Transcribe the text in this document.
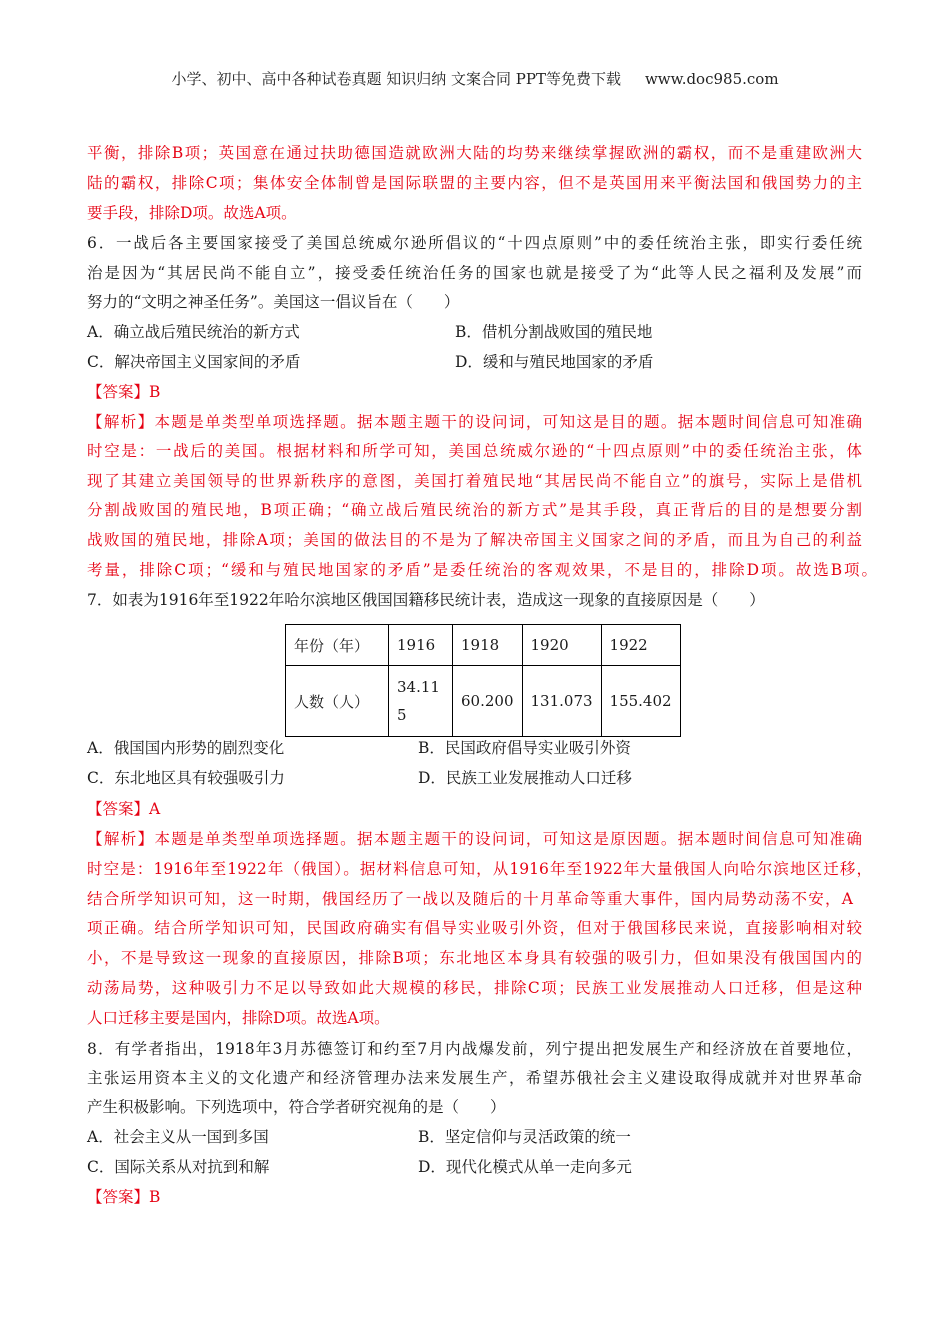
小学、初中、高中各种试卷真题 知识归纳 文案合同 PPT等免费下载 www.doc985.com
平衡，排除B项；英国意在通过扶助德国造就欧洲大陆的均势来继续掌握欧洲的霸权，而不是重建欧洲大
陆的霸权，排除C项；集体安全体制曾是国际联盟的主要内容，但不是英国用来平衡法国和俄国势力的主
要手段，排除D项。故选A项。
6．一战后各主要国家接受了美国总统威尔逊所倡议的“十四点原则”中的委任统治主张，即实行委任统
治是因为“其居民尚不能自立”，接受委任统治任务的国家也就是接受了为“此等人民之福利及发展”而
努力的“文明之神圣任务”。美国这一倡议旨在（　　）
A．确立战后殖民统治的新方式	B．借机分割战败国的殖民地
C．解决帝国主义国家间的矛盾	D．缓和与殖民地国家的矛盾
【答案】B
【解析】本题是单类型单项选择题。据本题主题干的设问词，可知这是目的题。据本题时间信息可知准确
时空是：一战后的美国。根据材料和所学可知，美国总统威尔逊的“十四点原则”中的委任统治主张，体
现了其建立美国领导的世界新秩序的意图，美国打着殖民地“其居民尚不能自立”的旗号，实际上是借机
分割战败国的殖民地，B项正确；“确立战后殖民统治的新方式”是其手段，真正背后的目的是想要分割
战败国的殖民地，排除A项；美国的做法目的不是为了解决帝国主义国家之间的矛盾，而且为自己的利益
考量，排除C项；“缓和与殖民地国家的矛盾”是委任统治的客观效果，不是目的，排除D项。故选B项。
7．如表为1916年至1922年哈尔滨地区俄国国籍移民统计表，造成这一现象的直接原因是（　　）
年份（年）	1916	1918	1920	1922
人数（人）	34.115	60.200	131.073	155.402
A．俄国国内形势的剧烈变化	B．民国政府倡导实业吸引外资
C．东北地区具有较强吸引力	D．民族工业发展推动人口迁移
【答案】A
【解析】本题是单类型单项选择题。据本题主题干的设问词，可知这是原因题。据本题时间信息可知准确
时空是：1916年至1922年（俄国）。据材料信息可知，从1916年至1922年大量俄国人向哈尔滨地区迁移，
结合所学知识可知，这一时期，俄国经历了一战以及随后的十月革命等重大事件，国内局势动荡不安，A
项正确。结合所学知识可知，民国政府确实有倡导实业吸引外资，但对于俄国移民来说，直接影响相对较
小，不是导致这一现象的直接原因，排除B项；东北地区本身具有较强的吸引力，但如果没有俄国国内的
动荡局势，这种吸引力不足以导致如此大规模的移民，排除C项；民族工业发展推动人口迁移，但是这种
人口迁移主要是国内，排除D项。故选A项。
8．有学者指出，1918年3月苏德签订和约至7月内战爆发前，列宁提出把发展生产和经济放在首要地位，
主张运用资本主义的文化遗产和经济管理办法来发展生产，希望苏俄社会主义建设取得成就并对世界革命
产生积极影响。下列选项中，符合学者研究视角的是（　　）
A．社会主义从一国到多国	B．坚定信仰与灵活政策的统一
C．国际关系从对抗到和解	D．现代化模式从单一走向多元
【答案】B
